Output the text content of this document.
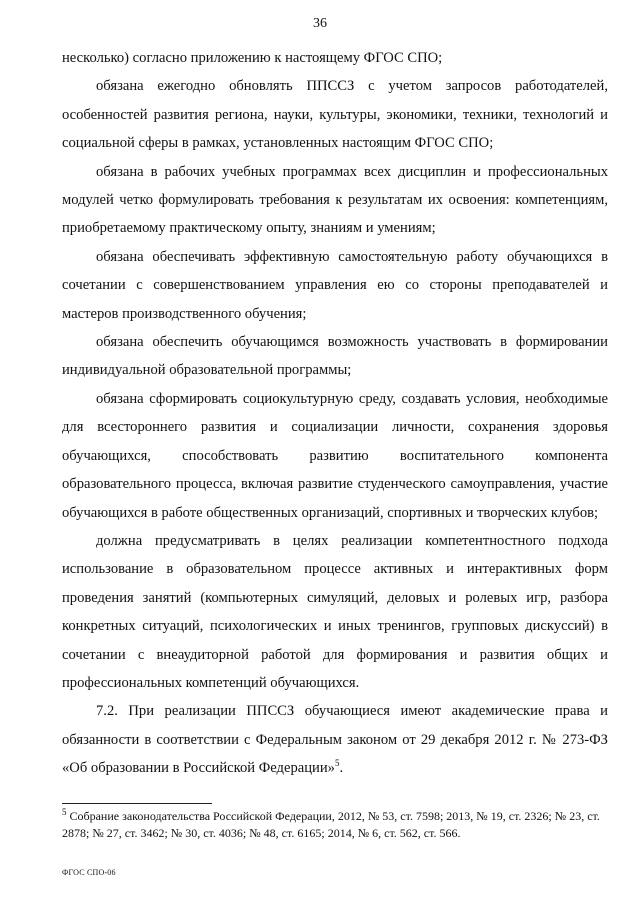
36

несколько) согласно приложению к настоящему ФГОС СПО;

обязана ежегодно обновлять ППССЗ с учетом запросов работодателей, особенностей развития региона, науки, культуры, экономики, техники, технологий и социальной сферы в рамках, установленных настоящим ФГОС СПО;

обязана в рабочих учебных программах всех дисциплин и профессиональных модулей четко формулировать требования к результатам их освоения: компетенциям, приобретаемому практическому опыту, знаниям и умениям;

обязана обеспечивать эффективную самостоятельную работу обучающихся в сочетании с совершенствованием управления ею со стороны преподавателей и мастеров производственного обучения;

обязана обеспечить обучающимся возможность участвовать в формировании индивидуальной образовательной программы;

обязана сформировать социокультурную среду, создавать условия, необходимые для всестороннего развития и социализации личности, сохранения здоровья обучающихся, способствовать развитию воспитательного компонента образовательного процесса, включая развитие студенческого самоуправления, участие обучающихся в работе общественных организаций, спортивных и творческих клубов;

должна предусматривать в целях реализации компетентностного подхода использование в образовательном процессе активных и интерактивных форм проведения занятий (компьютерных симуляций, деловых и ролевых игр, разбора конкретных ситуаций, психологических и иных тренингов, групповых дискуссий) в сочетании с внеаудиторной работой для формирования и развития общих и профессиональных компетенций обучающихся.

7.2. При реализации ППССЗ обучающиеся имеют академические права и обязанности в соответствии с Федеральным законом от 29 декабря 2012 г. № 273-ФЗ «Об образовании в Российской Федерации»$^5$.

$^5$ Собрание законодательства Российской Федерации, 2012, № 53, ст. 7598; 2013, № 19, ст. 2326; № 23, ст. 2878; № 27, ст. 3462; № 30, ст. 4036; № 48, ст. 6165; 2014, № 6, ст. 562, ст. 566.

ФГОС СПО-06
